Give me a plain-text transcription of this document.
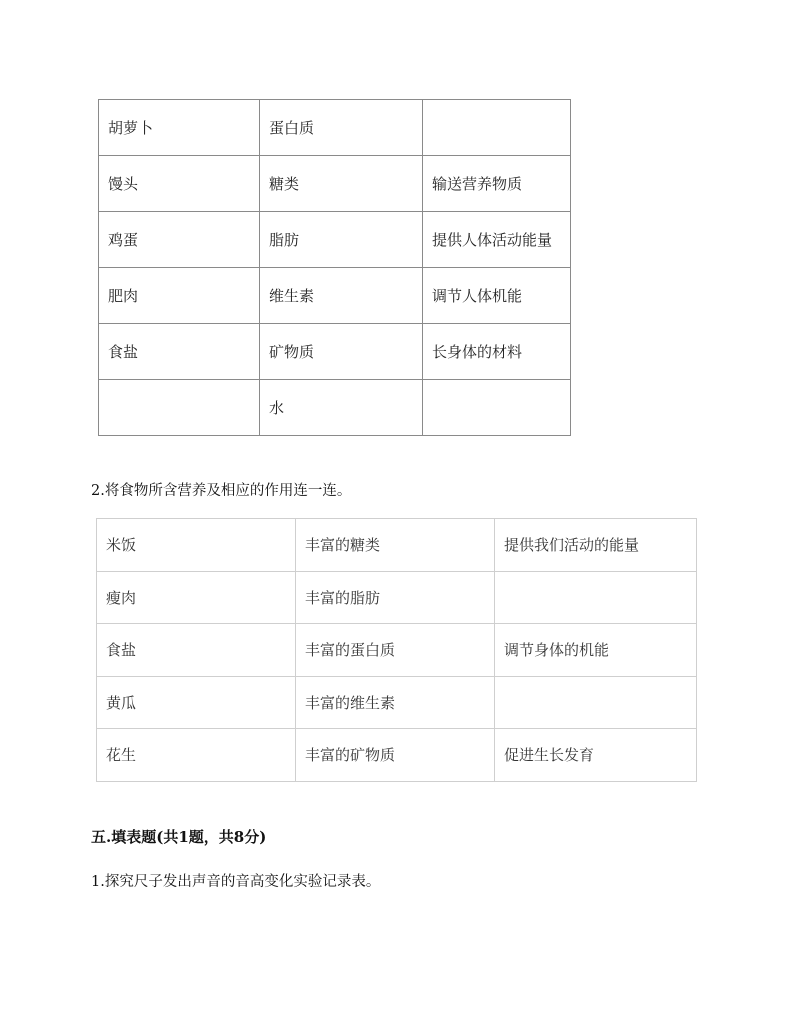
胡萝卜	蛋白质	
馒头	糖类	输送营养物质
鸡蛋	脂肪	提供人体活动能量
肥肉	维生素	调节人体机能
食盐	矿物质	长身体的材料
	水	
2.将食物所含营养及相应的作用连一连。
米饭	丰富的糖类	提供我们活动的能量
瘦肉	丰富的脂肪	
食盐	丰富的蛋白质	调节身体的机能
黄瓜	丰富的维生素	
花生	丰富的矿物质	促进生长发育
五.填表题(共1题，共8分)
1.探究尺子发出声音的音高变化实验记录表。
